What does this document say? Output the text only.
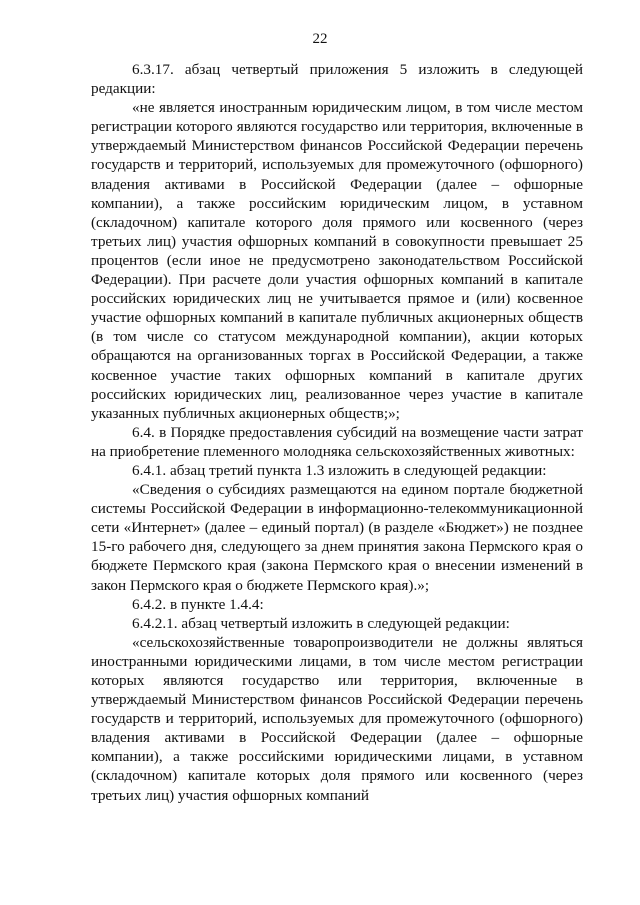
22

6.3.17. абзац четвертый приложения 5 изложить в следующей редакции:

«не является иностранным юридическим лицом, в том числе местом регистрации которого являются государство или территория, включенные в утверждаемый Министерством финансов Российской Федерации перечень государств и территорий, используемых для промежуточного (офшорного) владения активами в Российской Федерации (далее – офшорные компании), а также российским юридическим лицом, в уставном (складочном) капитале которого доля прямого или косвенного (через третьих лиц) участия офшорных компаний в совокупности превышает 25 процентов (если иное не предусмотрено законодательством Российской Федерации). При расчете доли участия офшорных компаний в капитале российских юридических лиц не учитывается прямое и (или) косвенное участие офшорных компаний в капитале публичных акционерных обществ (в том числе со статусом международной компании), акции которых обращаются на организованных торгах в Российской Федерации, а также косвенное участие таких офшорных компаний в капитале других российских юридических лиц, реализованное через участие в капитале указанных публичных акционерных обществ;»;

6.4. в Порядке предоставления субсидий на возмещение части затрат на приобретение племенного молодняка сельскохозяйственных животных:

6.4.1. абзац третий пункта 1.3 изложить в следующей редакции:

«Сведения о субсидиях размещаются на едином портале бюджетной системы Российской Федерации в информационно-телекоммуникационной сети «Интернет» (далее – единый портал) (в разделе «Бюджет») не позднее 15-го рабочего дня, следующего за днем принятия закона Пермского края о бюджете Пермского края (закона Пермского края о внесении изменений в закон Пермского края о бюджете Пермского края).»;

6.4.2. в пункте 1.4.4:

6.4.2.1. абзац четвертый изложить в следующей редакции:

«сельскохозяйственные товаропроизводители не должны являться иностранными юридическими лицами, в том числе местом регистрации которых являются государство или территория, включенные в утверждаемый Министерством финансов Российской Федерации перечень государств и территорий, используемых для промежуточного (офшорного) владения активами в Российской Федерации (далее – офшорные компании), а также российскими юридическими лицами, в уставном (складочном) капитале которых доля прямого или косвенного (через третьих лиц) участия офшорных компаний
